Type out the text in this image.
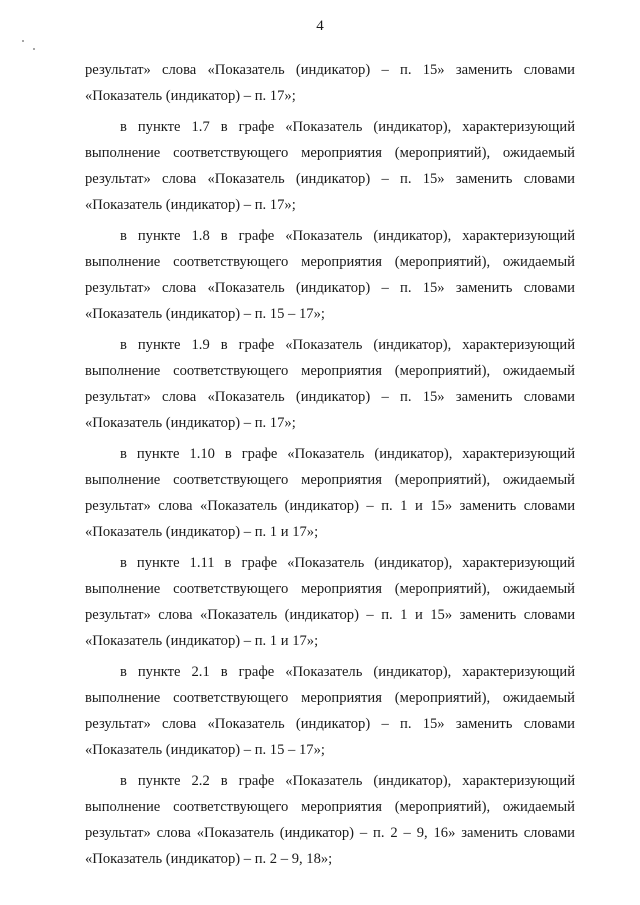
4

результат» слова «Показатель (индикатор) – п. 15» заменить словами
«Показатель (индикатор) – п. 17»;

в пункте 1.7 в графе «Показатель (индикатор), характеризующий
выполнение соответствующего мероприятия (мероприятий), ожидаемый
результат» слова «Показатель (индикатор) – п. 15» заменить словами
«Показатель (индикатор) – п. 17»;

в пункте 1.8 в графе «Показатель (индикатор), характеризующий
выполнение соответствующего мероприятия (мероприятий), ожидаемый
результат» слова «Показатель (индикатор) – п. 15» заменить словами
«Показатель (индикатор) – п. 15 – 17»;

в пункте 1.9 в графе «Показатель (индикатор), характеризующий
выполнение соответствующего мероприятия (мероприятий), ожидаемый
результат» слова «Показатель (индикатор) – п. 15» заменить словами
«Показатель (индикатор) – п. 17»;

в пункте 1.10 в графе «Показатель (индикатор), характеризующий
выполнение соответствующего мероприятия (мероприятий), ожидаемый
результат» слова «Показатель (индикатор) – п. 1 и 15» заменить словами
«Показатель (индикатор) – п. 1 и 17»;

в пункте 1.11 в графе «Показатель (индикатор), характеризующий
выполнение соответствующего мероприятия (мероприятий), ожидаемый
результат» слова «Показатель (индикатор) – п. 1 и 15» заменить словами
«Показатель (индикатор) – п. 1 и 17»;

в пункте 2.1 в графе «Показатель (индикатор), характеризующий
выполнение соответствующего мероприятия (мероприятий), ожидаемый
результат» слова «Показатель (индикатор) – п. 15» заменить словами
«Показатель (индикатор) – п. 15 – 17»;

в пункте 2.2 в графе «Показатель (индикатор), характеризующий
выполнение соответствующего мероприятия (мероприятий), ожидаемый
результат» слова «Показатель (индикатор) – п. 2 – 9, 16» заменить словами
«Показатель (индикатор) – п. 2 – 9, 18»;
